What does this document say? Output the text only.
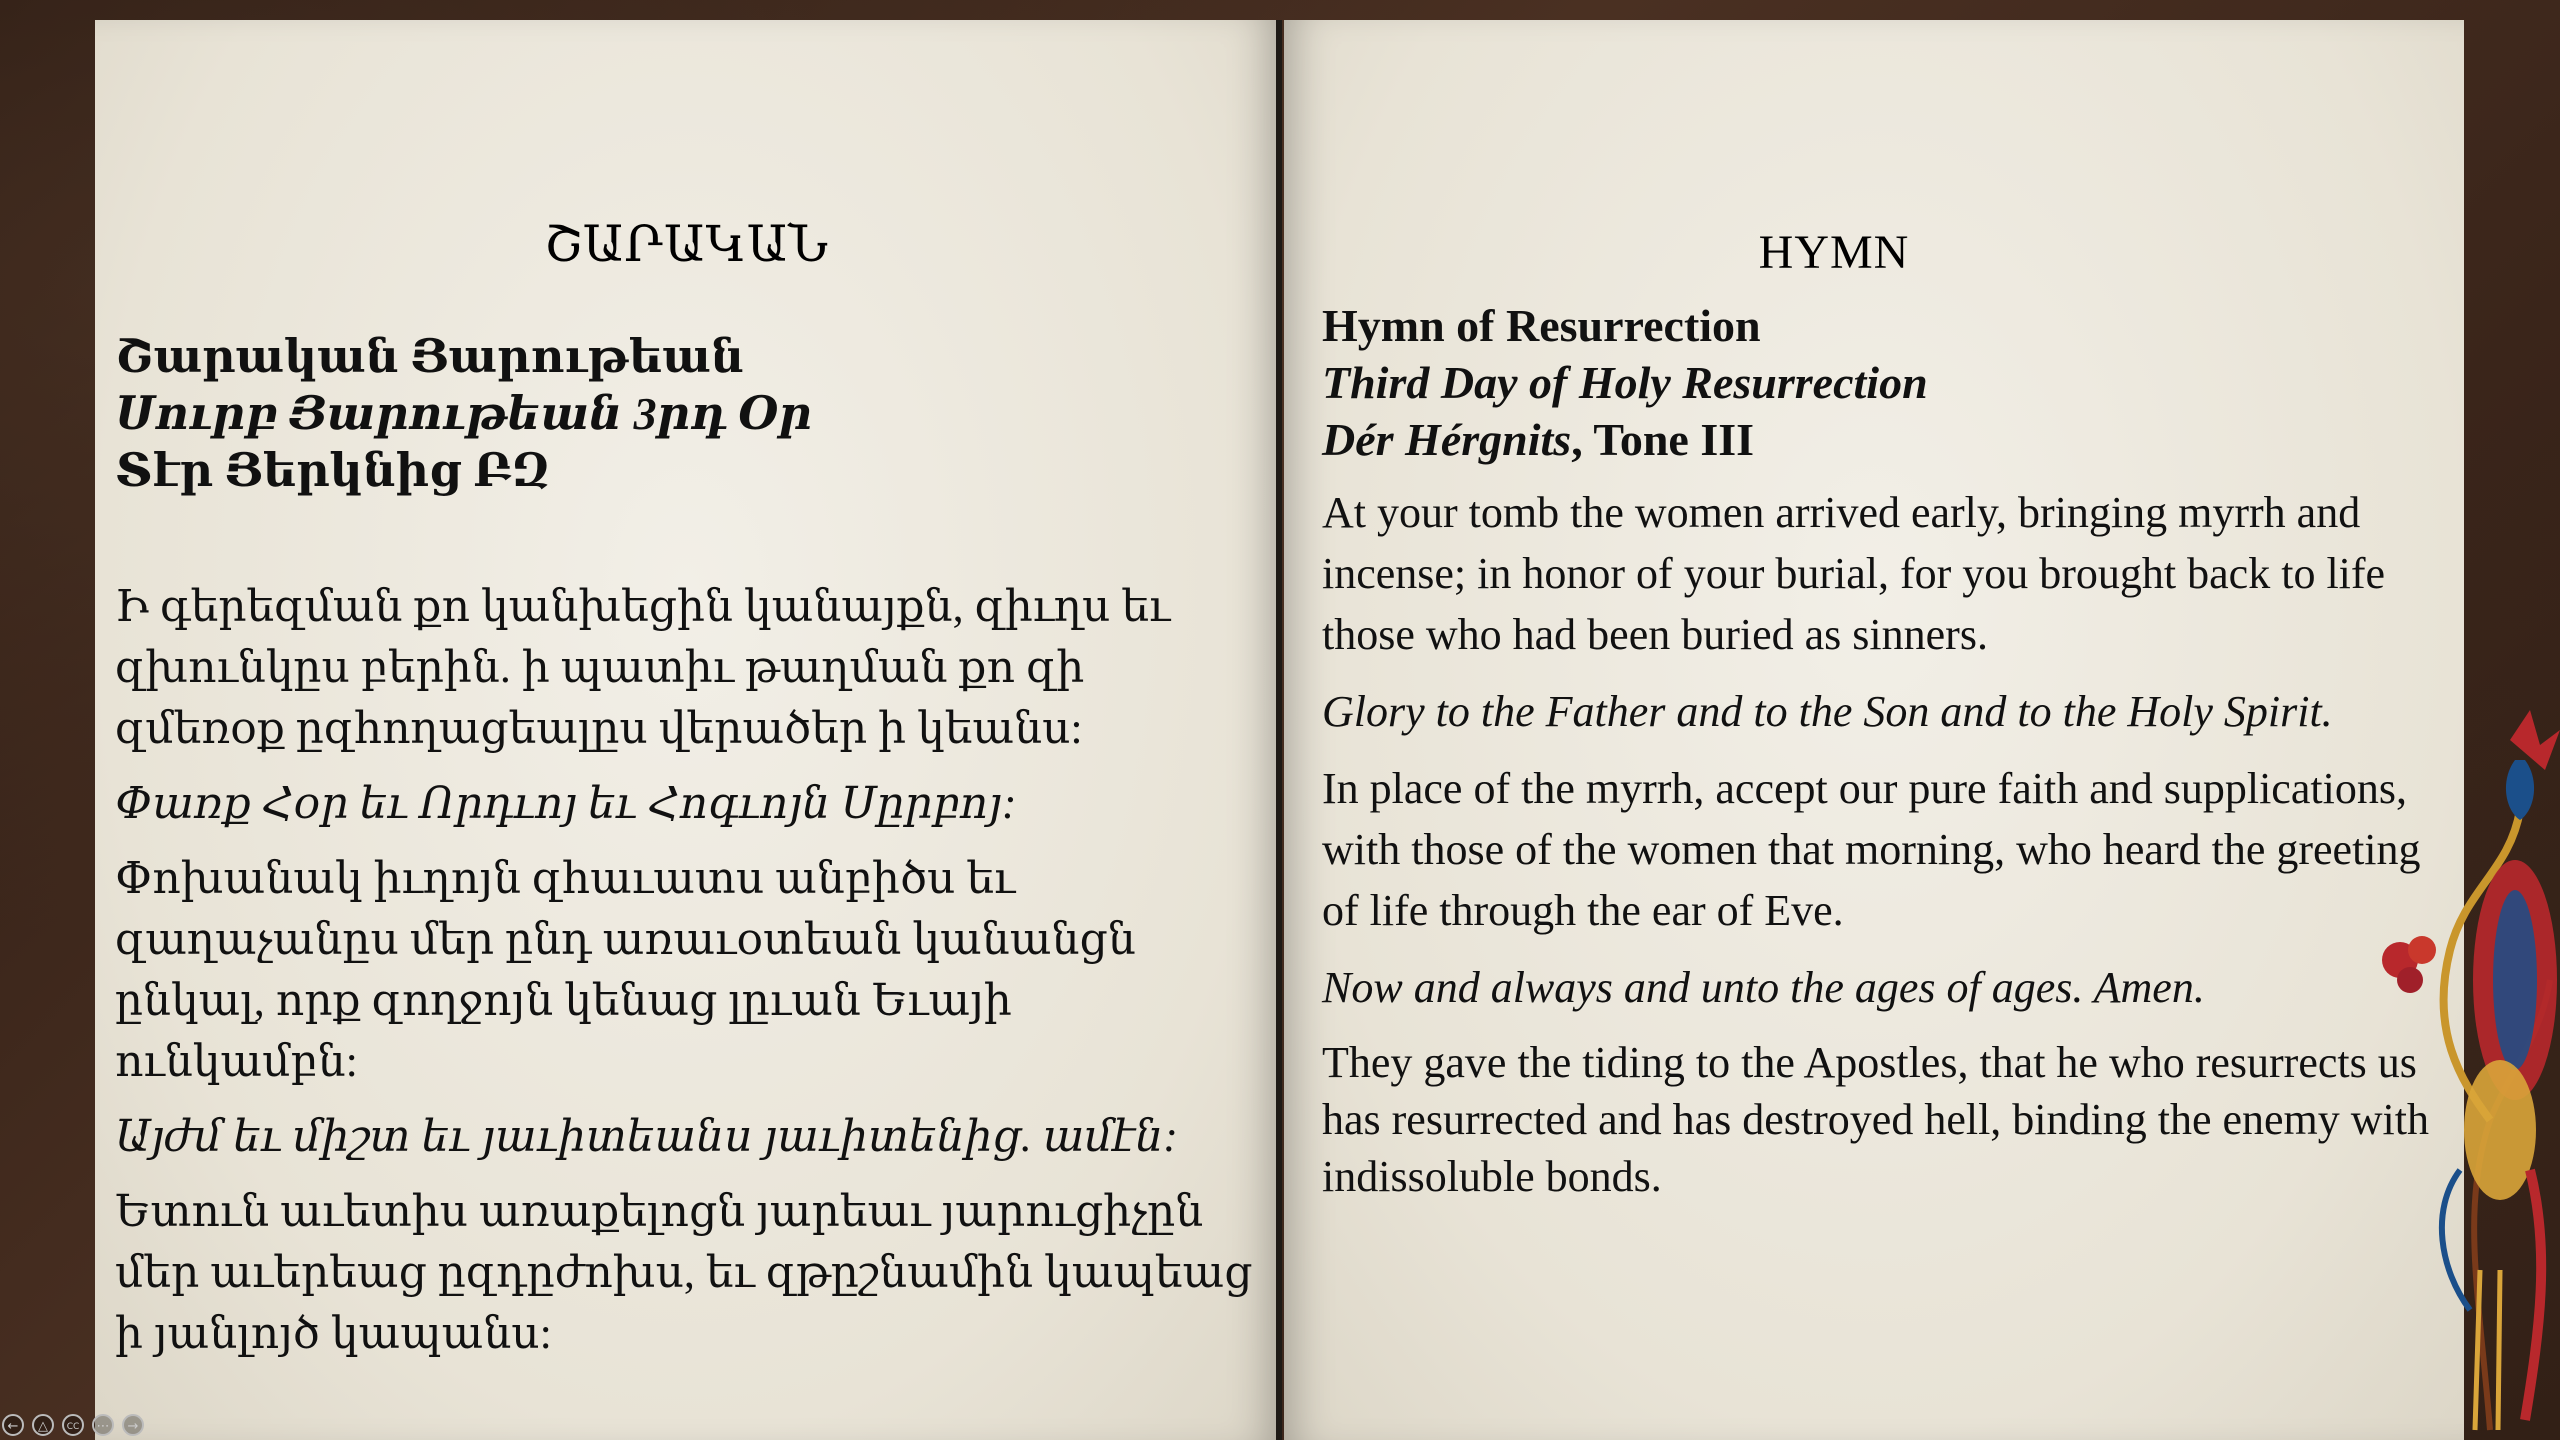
ՇԱՐԱԿԱՆ
Շարական Յարութեան
Սուրբ Յարութեան 3րդ Օր
Տէր Յերկնից ԲԶ

Ի գերեզման քո կանխեցին կանայքն, զիւղս եւ զխունկըս բերին. ի պատիւ թաղման քո զի զմեռօք ըզհողացեալըս վերածեր ի կեանս:

Փառք Հօր եւ Որդւոյ եւ Հոգւոյն Սըրբոյ:

Փոխանակ իւղոյն զհաւատս անբիծս եւ զաղաչանըս մեր ընդ առաւօտեան կանանցն ընկալ, որք զողջոյն կենաց լըւան Եւայի ունկամբն:

Այժմ եւ միշտ եւ յաւիտեանս յաւիտենից. ամէն:

Ետուն աւետիս առաքելոցն յարեաւ յարուցիչըն մեր աւերեաց ըզդըժոխս, եւ զթըշնամին կապեաց ի յանլոյծ կապանս:

HYMN
Hymn of Resurrection
Third Day of Holy Resurrection
Dér Hérgnits, Tone III

At your tomb the women arrived early, bringing myrrh and incense; in honor of your burial, for you brought back to life those who had been buried as sinners.

Glory to the Father and to the Son and to the Holy Spirit.

In place of the myrrh, accept our pure faith and supplications, with those of the women that morning, who heard the greeting of life through the ear of Eve.

Now and always and unto the ages of ages. Amen.

They gave the tiding to the Apostles, that he who resurrects us has resurrected and has destroyed hell, binding the enemy with indissoluble bonds.

←	△	CC	⋯	→
